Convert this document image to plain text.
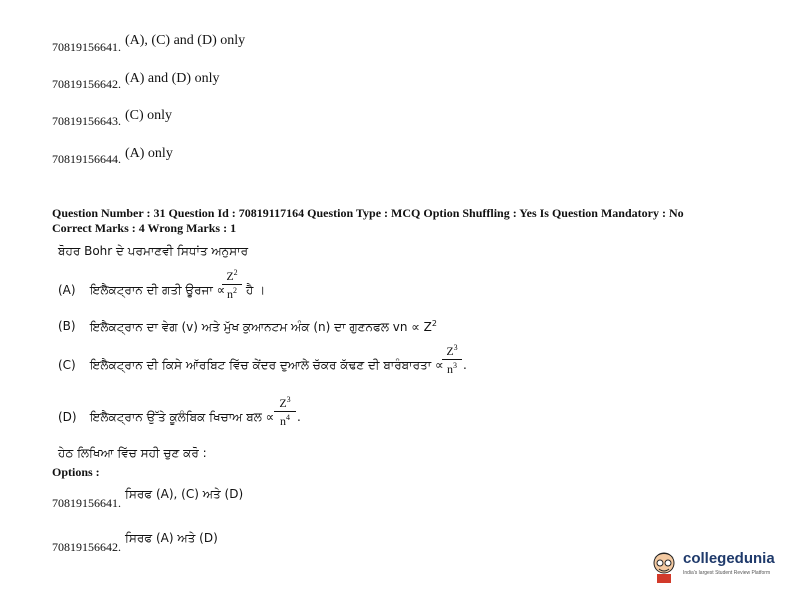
70819156641. (A), (C) and (D) only
70819156642. (A) and (D) only
70819156643. (C) only
70819156644. (A) only
Question Number : 31 Question Id : 70819117164 Question Type : MCQ Option Shuffling : Yes Is Question Mandatory : No
Correct Marks : 4 Wrong Marks : 1
ਬੋਹਰ Bohr ਦੇ ਪਰਮਾਣਵੀ ਸਿਧਾਂਤ ਅਨੁਸਾਰ
(A) ਇਲੈਕਟ੍ਰਾਨ ਦੀ ਗਤੀ ਊਰਜਾ ∝
$Z^2$
$n^2$ ਹੈ ।
(B) ਇਲੈਕਟ੍ਰਾਨ ਦਾ ਵੇਗ (v) ਅਤੇ ਮੁੱਖ ਕੁਆਨਟਮ ਅੰਕ (n) ਦਾ ਗੁਣਨਫਲ vn ∝ $Z^2$
(C) ਇਲੈਕਟ੍ਰਾਨ ਦੀ ਕਿਸੇ ਆੱਰਬਿਟ ਵਿੱਚ ਕੇਂਦਰ ਦੁਆਲੇ ਚੱਕਰ ਕੱਢਣ ਦੀ ਬਾਰੰਬਾਰਤਾ ∝
$Z^3$
$n^3$ .
(D) ਇਲੈਕਟ੍ਰਾਨ ਉੱਤੇ ਕੂਲੰਬਿਕ ਖਿਚਾਅ ਬਲ ∝
$Z^3$
$n^4$ .
ਹੇਠ ਲਿਖਿਆ ਵਿੱਚ ਸਹੀ ਚੁਣ ਕਰੋ :
Options :
70819156641.
ਸਿਰਫ (A), (C) ਅਤੇ (D)
70819156642.
ਸਿਰਫ (A) ਅਤੇ (D)
collegedunia
India's largest Student Review Platform
